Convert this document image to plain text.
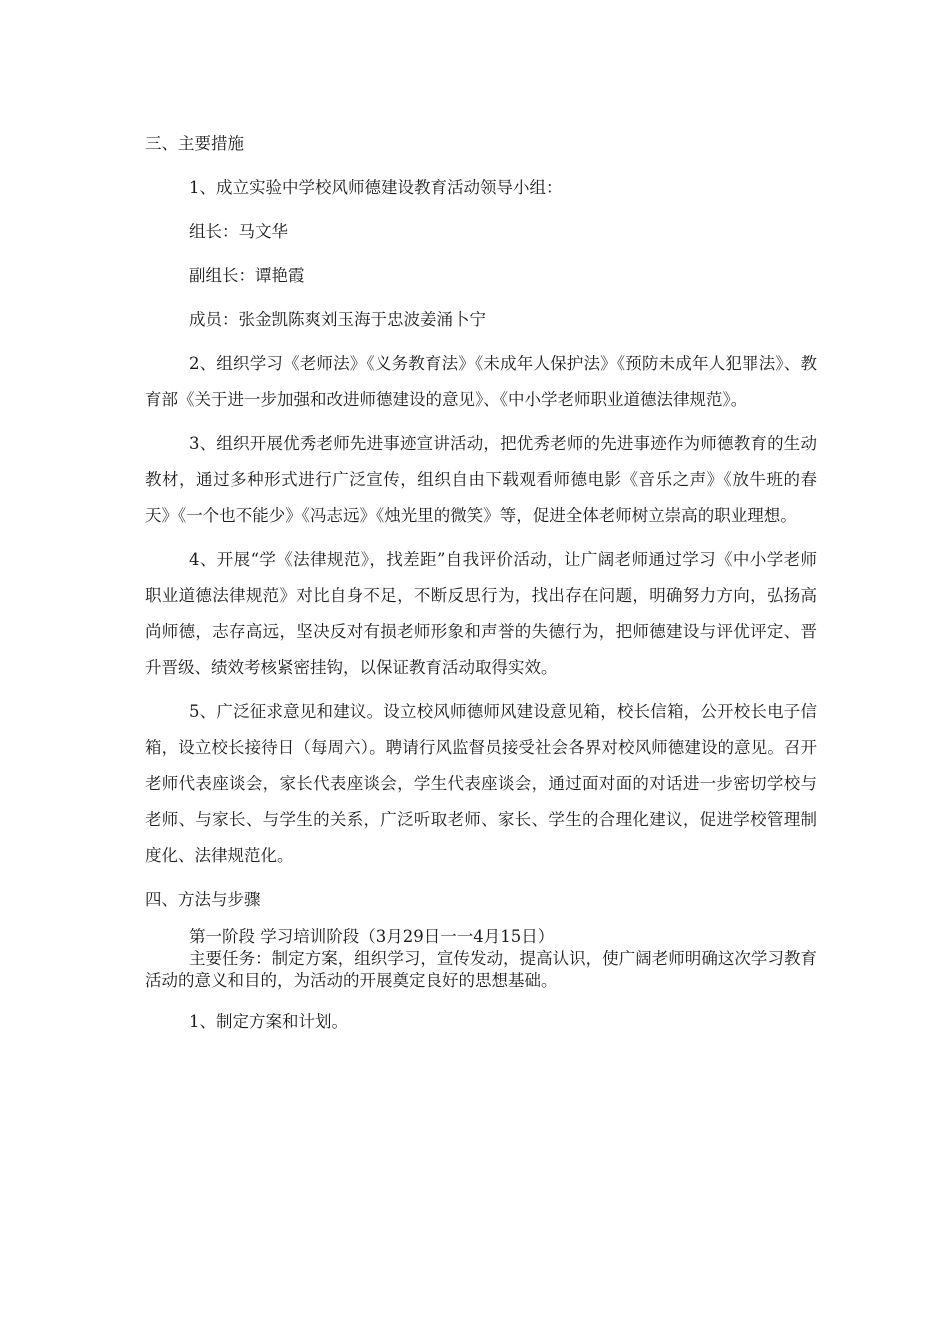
三、主要措施

1、成立实验中学校风师德建设教育活动领导小组：

组长：马文华

副组长：谭艳霞

成员：张金凯陈爽刘玉海于忠波姜涌卜宁

2、组织学习《老师法》《义务教育法》《未成年人保护法》《预防未成年人犯罪法》、教育部《关于进一步加强和改进师德建设的意见》、《中小学老师职业道德法律规范》。

3、组织开展优秀老师先进事迹宣讲活动，把优秀老师的先进事迹作为师德教育的生动教材，通过多种形式进行广泛宣传，组织自由下载观看师德电影《音乐之声》《放牛班的春天》《一个也不能少》《冯志远》《烛光里的微笑》等，促进全体老师树立崇高的职业理想。

4、开展“学《法律规范》，找差距”自我评价活动，让广阔老师通过学习《中小学老师职业道德法律规范》对比自身不足，不断反思行为，找出存在问题，明确努力方向，弘扬高尚师德，志存高远，坚决反对有损老师形象和声誉的失德行为，把师德建设与评优评定、晋升晋级、绩效考核紧密挂钩，以保证教育活动取得实效。

5、广泛征求意见和建议。设立校风师德师风建设意见箱，校长信箱，公开校长电子信箱，设立校长接待日（每周六）。聘请行风监督员接受社会各界对校风师德建设的意见。召开老师代表座谈会，家长代表座谈会，学生代表座谈会，通过面对面的对话进一步密切学校与老师、与家长、与学生的关系，广泛听取老师、家长、学生的合理化建议，促进学校管理制度化、法律规范化。

四、方法与步骤

第一阶段 学习培训阶段（3月29日一一4月15日）

主要任务：制定方案，组织学习，宣传发动，提高认识，使广阔老师明确这次学习教育活动的意义和目的，为活动的开展奠定良好的思想基础。

1、制定方案和计划。
